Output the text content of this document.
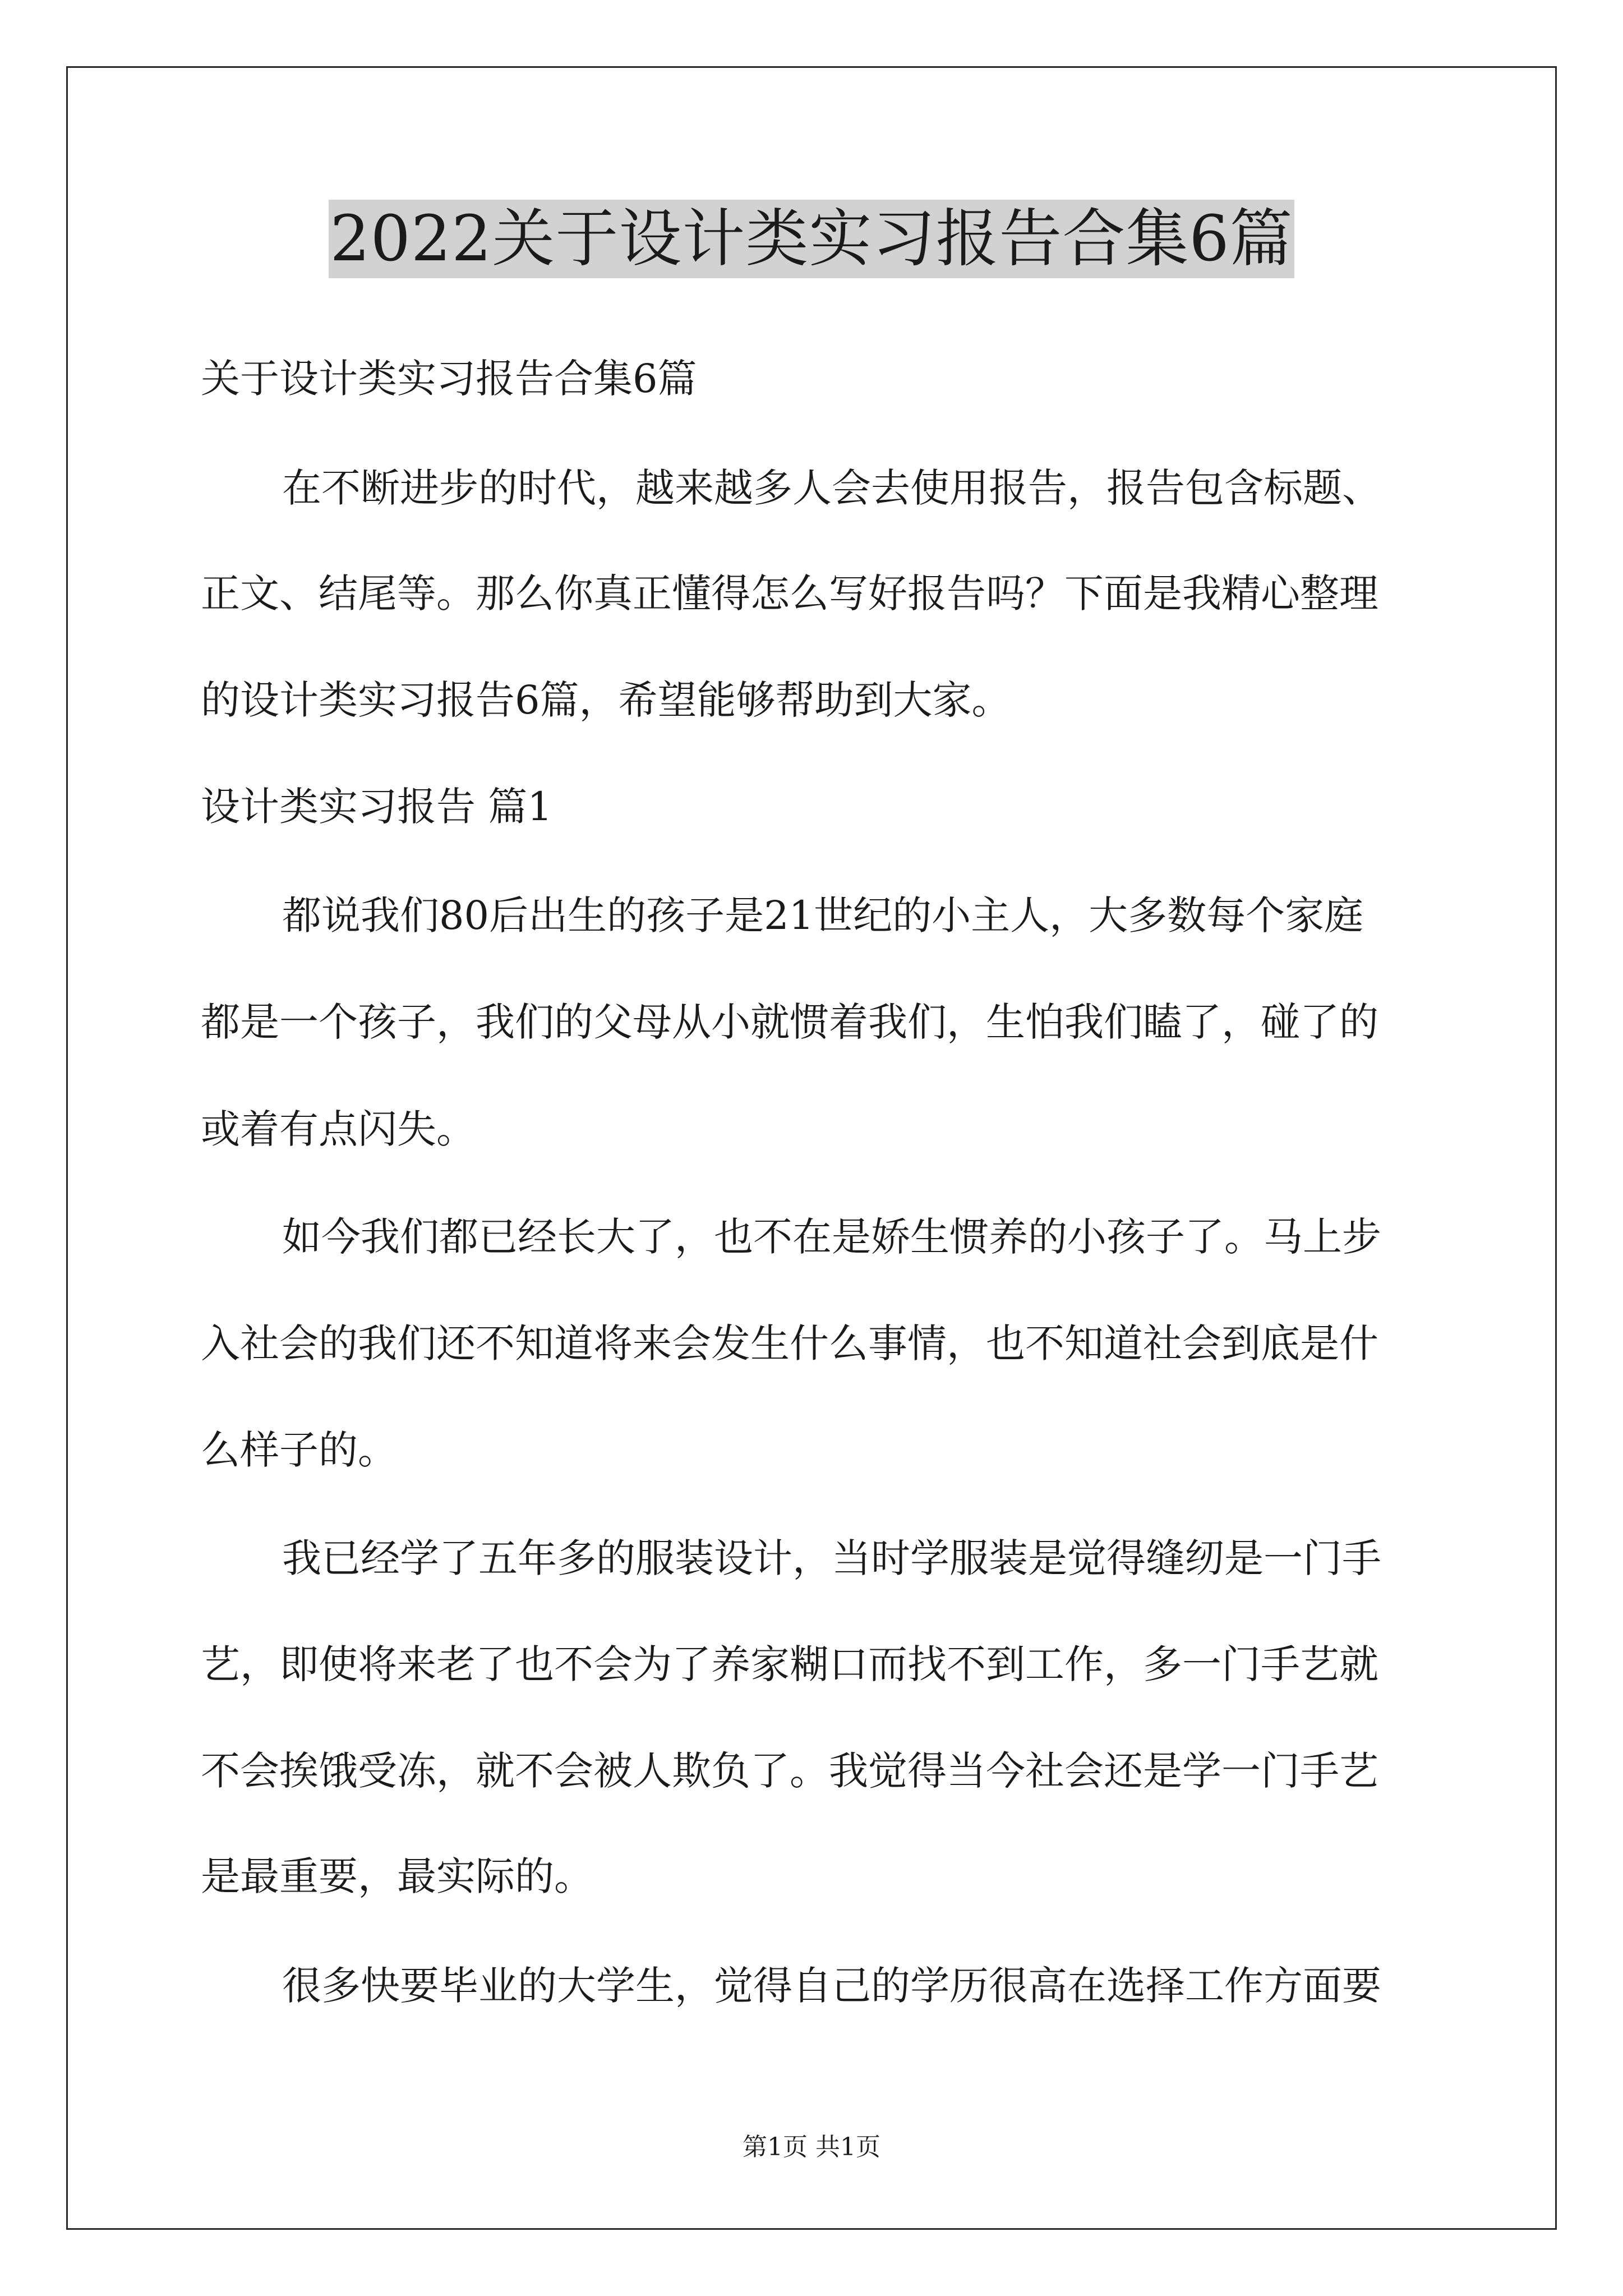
2022关于设计类实习报告合集6篇
关于设计类实习报告合集6篇
在不断进步的时代，越来越多人会去使用报告，报告包含标题、
正文、结尾等。那么你真正懂得怎么写好报告吗？下面是我精心整理
的设计类实习报告6篇，希望能够帮助到大家。
设计类实习报告 篇1
都说我们80后出生的孩子是21世纪的小主人，大多数每个家庭
都是一个孩子，我们的父母从小就惯着我们，生怕我们瞌了，碰了的
或着有点闪失。
如今我们都已经长大了，也不在是娇生惯养的小孩子了。马上步
入社会的我们还不知道将来会发生什么事情，也不知道社会到底是什
么样子的。
我已经学了五年多的服装设计，当时学服装是觉得缝纫是一门手
艺，即使将来老了也不会为了养家糊口而找不到工作，多一门手艺就
不会挨饿受冻，就不会被人欺负了。我觉得当今社会还是学一门手艺
是最重要，最实际的。
很多快要毕业的大学生，觉得自己的学历很高在选择工作方面要
第1页 共1页
